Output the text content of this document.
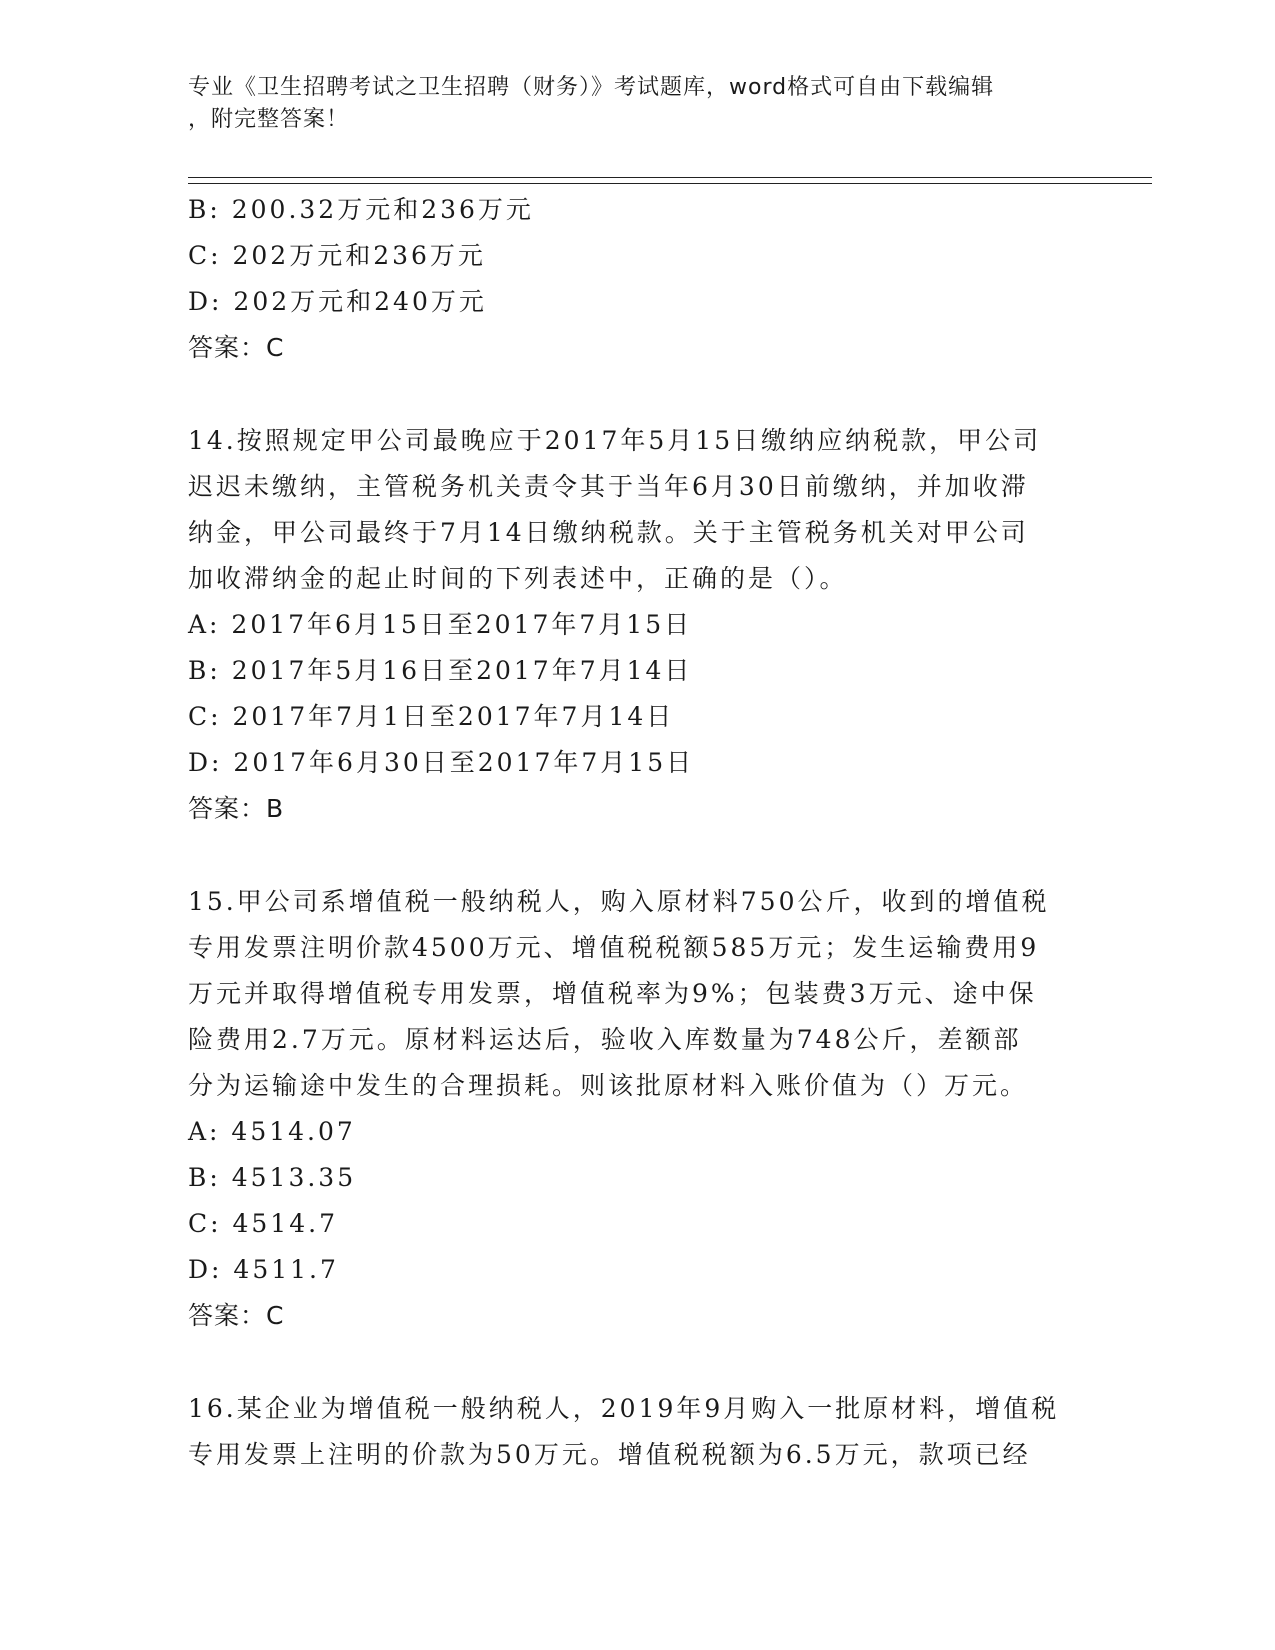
专业《卫生招聘考试之卫生招聘（财务）》考试题库，word格式可自由下载编辑
，附完整答案！
B: 200.32万元和236万元
C: 202万元和236万元
D: 202万元和240万元
答案：C
14.按照规定甲公司最晚应于2017年5月15日缴纳应纳税款，甲公司
迟迟未缴纳，主管税务机关责令其于当年6月30日前缴纳，并加收滞
纳金，甲公司最终于7月14日缴纳税款。关于主管税务机关对甲公司
加收滞纳金的起止时间的下列表述中，正确的是（）。
A: 2017年6月15日至2017年7月15日
B: 2017年5月16日至2017年7月14日
C: 2017年7月1日至2017年7月14日
D: 2017年6月30日至2017年7月15日
答案：B
15.甲公司系增值税一般纳税人，购入原材料750公斤，收到的增值税
专用发票注明价款4500万元、增值税税额585万元；发生运输费用9
万元并取得增值税专用发票，增值税率为9%；包装费3万元、途中保
险费用2.7万元。原材料运达后，验收入库数量为748公斤，差额部
分为运输途中发生的合理损耗。则该批原材料入账价值为（）万元。
A: 4514.07
B: 4513.35
C: 4514.7
D: 4511.7
答案：C
16.某企业为增值税一般纳税人，2019年9月购入一批原材料，增值税
专用发票上注明的价款为50万元。增值税税额为6.5万元，款项已经
